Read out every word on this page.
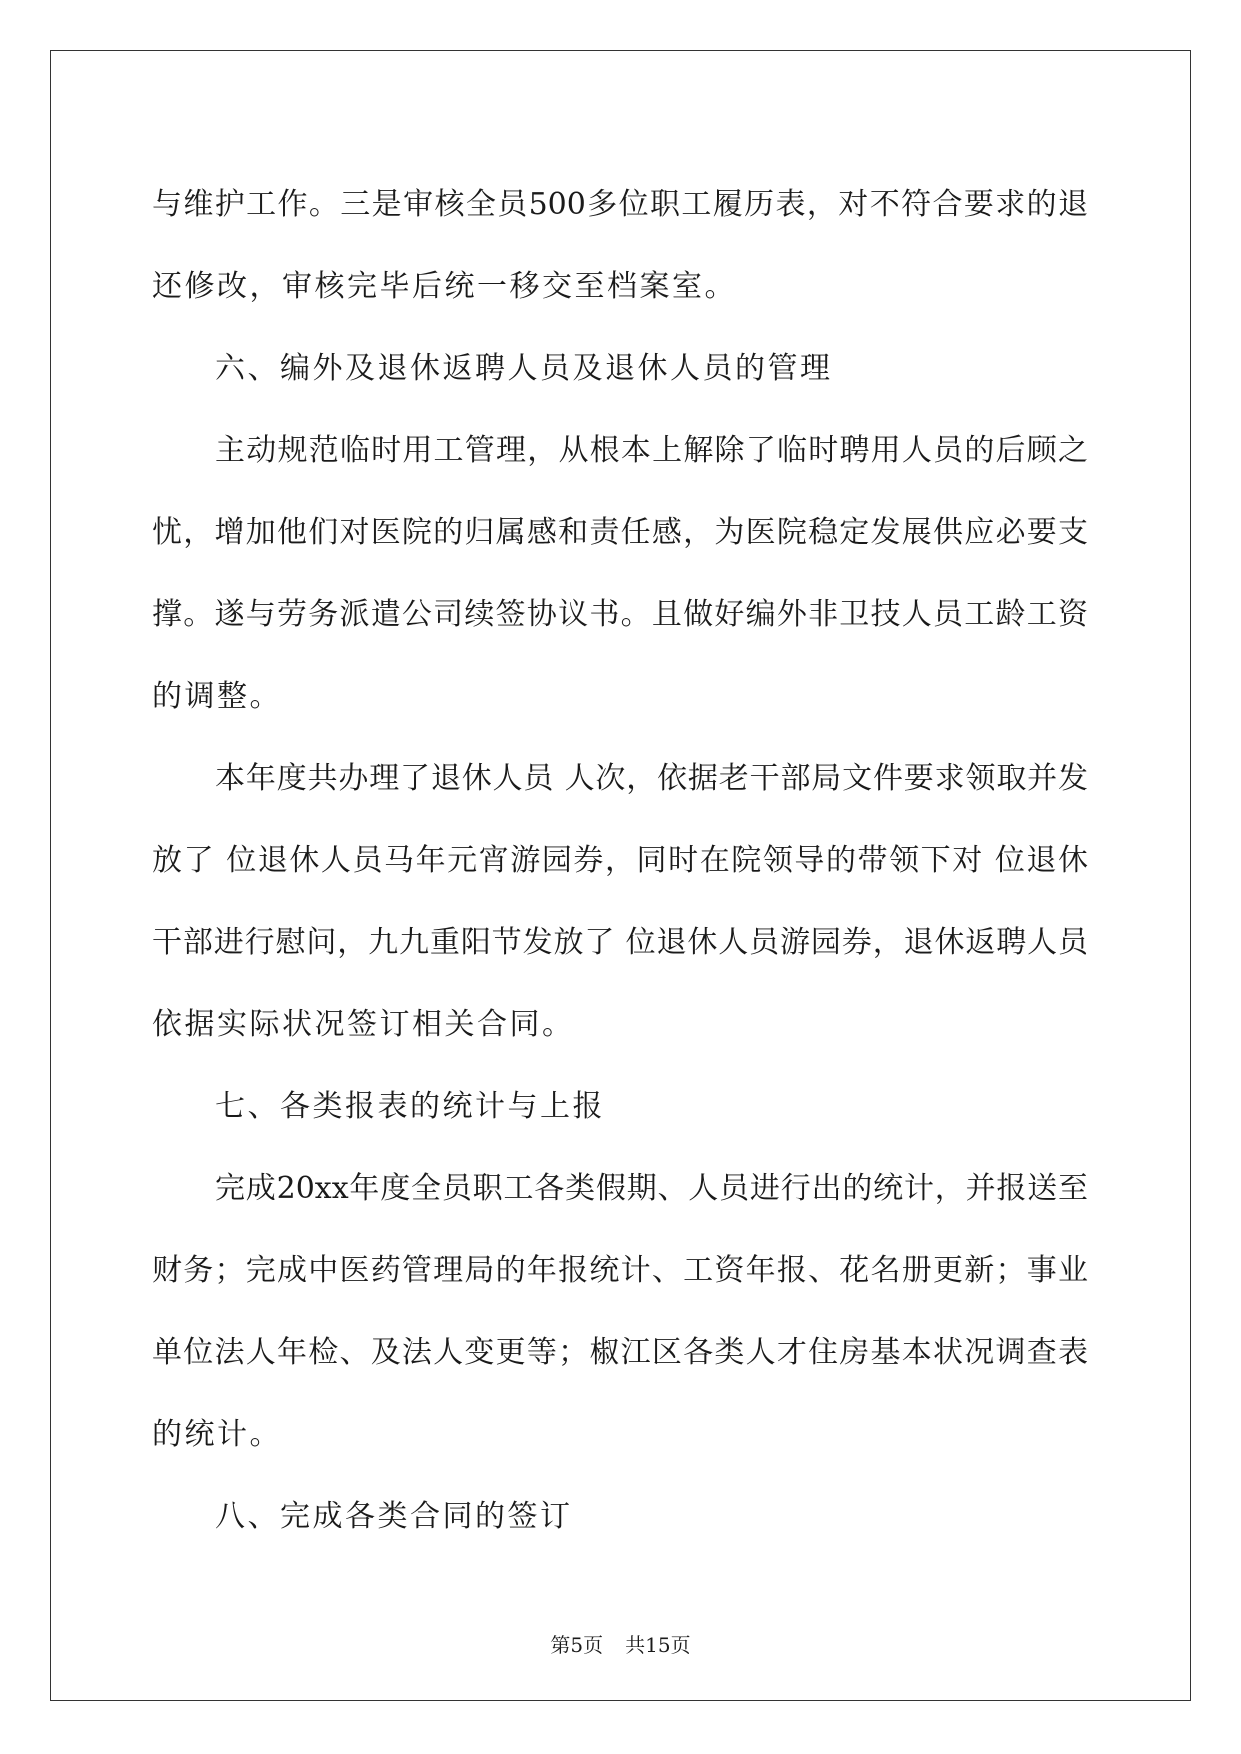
与维护工作。三是审核全员500多位职工履历表，对不符合要求的退
还修改，审核完毕后统一移交至档案室。
六、编外及退休返聘人员及退休人员的管理
主动规范临时用工管理，从根本上解除了临时聘用人员的后顾之
忧，增加他们对医院的归属感和责任感，为医院稳定发展供应必要支
撑。遂与劳务派遣公司续签协议书。且做好编外非卫技人员工龄工资
的调整。
本年度共办理了退休人员 人次，依据老干部局文件要求领取并发
放了 位退休人员马年元宵游园券，同时在院领导的带领下对 位退休
干部进行慰问，九九重阳节发放了 位退休人员游园券，退休返聘人员
依据实际状况签订相关合同。
七、各类报表的统计与上报
完成20xx年度全员职工各类假期、人员进行出的统计，并报送至
财务；完成中医药管理局的年报统计、工资年报、花名册更新；事业
单位法人年检、及法人变更等；椒江区各类人才住房基本状况调查表
的统计。
八、完成各类合同的签订
第5页 共15页
